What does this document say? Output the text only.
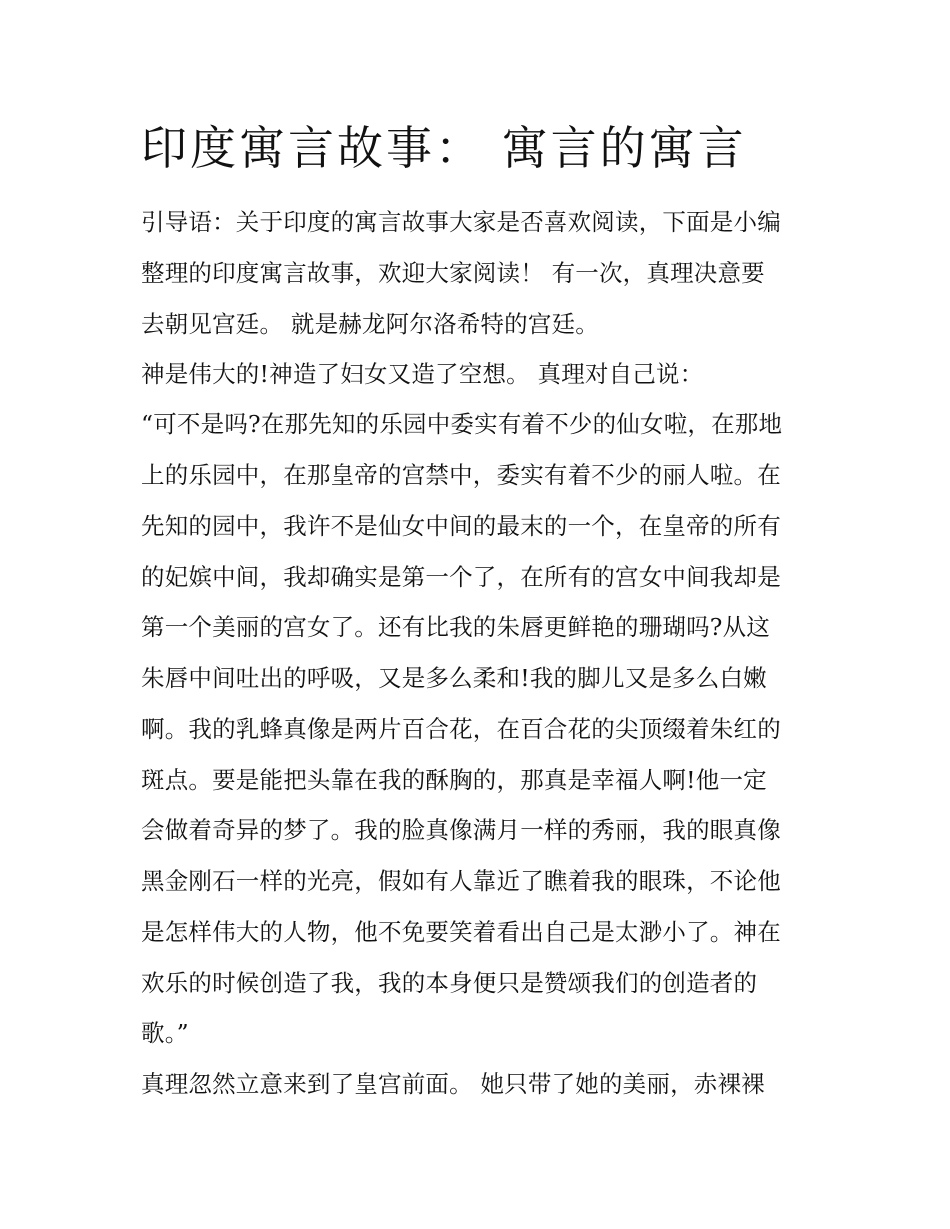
印度寓言故事： 寓言的寓言

引导语：关于印度的寓言故事大家是否喜欢阅读，下面是小编

整理的印度寓言故事，欢迎大家阅读！ 有一次，真理决意要

去朝见宫廷。 就是赫龙阿尔洛希特的宫廷。

神是伟大的!神造了妇女又造了空想。 真理对自己说：

“可不是吗?在那先知的乐园中委实有着不少的仙女啦，在那地

上的乐园中，在那皇帝的宫禁中，委实有着不少的丽人啦。在

先知的园中，我许不是仙女中间的最末的一个，在皇帝的所有

的妃嫔中间，我却确实是第一个了，在所有的宫女中间我却是

第一个美丽的宫女了。还有比我的朱唇更鲜艳的珊瑚吗?从这

朱唇中间吐出的呼吸，又是多么柔和!我的脚儿又是多么白嫩

啊。我的乳蜂真像是两片百合花，在百合花的尖顶缀着朱红的

斑点。要是能把头靠在我的酥胸的，那真是幸福人啊!他一定

会做着奇异的梦了。我的脸真像满月一样的秀丽，我的眼真像

黑金刚石一样的光亮，假如有人靠近了瞧着我的眼珠，不论他

是怎样伟大的人物，他不免要笑着看出自己是太渺小了。神在

欢乐的时候创造了我，我的本身便只是赞颂我们的创造者的

歌。”

真理忽然立意来到了皇宫前面。 她只带了她的美丽，赤裸裸
